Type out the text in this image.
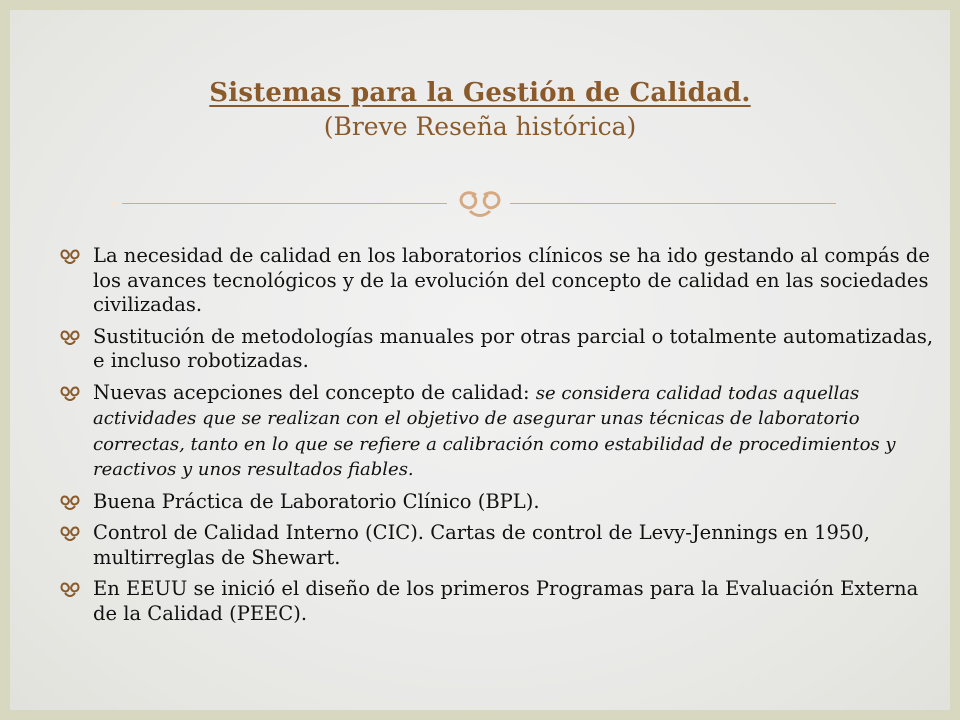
Sistemas para la Gestión de Calidad.
(Breve Reseña histórica)
La necesidad de calidad en los laboratorios clínicos se ha ido gestando al compás de los avances tecnológicos y de la evolución del concepto de calidad en las sociedades civilizadas.
Sustitución de metodologías manuales por otras parcial o totalmente automatizadas, e incluso robotizadas.
Nuevas acepciones del concepto de calidad: se considera calidad todas aquellas actividades que se realizan con el objetivo de asegurar unas técnicas de laboratorio correctas, tanto en lo que se refiere a calibración como estabilidad de procedimientos y reactivos y unos resultados fiables.
Buena Práctica de Laboratorio Clínico (BPL).
Control de Calidad Interno (CIC). Cartas de control de Levy-Jennings en 1950, multirreglas de Shewart.
En EEUU se inició el diseño de los primeros Programas para la Evaluación Externa de la Calidad (PEEC).
